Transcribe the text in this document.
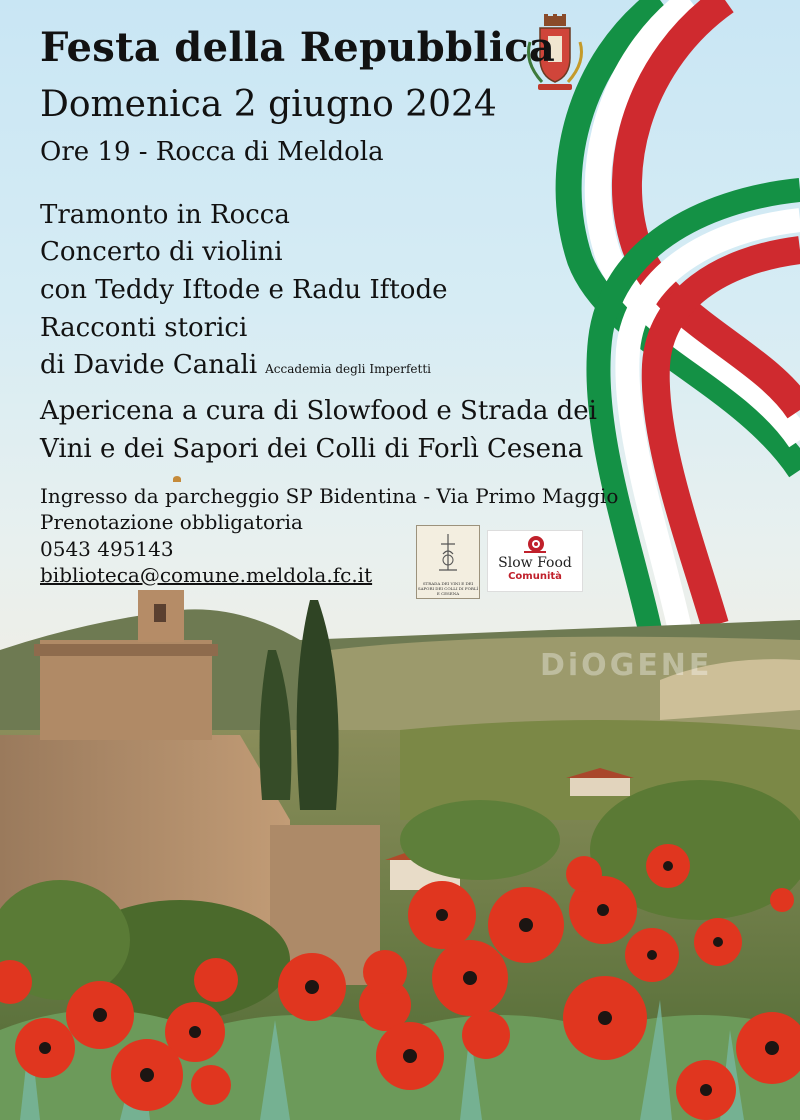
Festa della Repubblica
Domenica 2 giugno 2024
Ore 19 - Rocca di Meldola
Tramonto in Rocca
Concerto di violini
con Teddy Iftode e Radu Iftode
Racconti storici
di Davide Canali Accademia degli Imperfetti
Apericena a cura di Slowfood e Strada dei
Vini e dei Sapori dei Colli di Forlì Cesena
Ingresso da parcheggio SP Bidentina - Via Primo Maggio
Prenotazione obbligatoria
0543 495143
biblioteca@comune.meldola.fc.it	STRADA DEI VINI E DEI SAPORI DEI COLLI DI FORLÌ E CESENA
Slow Food
Comunità
DiOGENE
